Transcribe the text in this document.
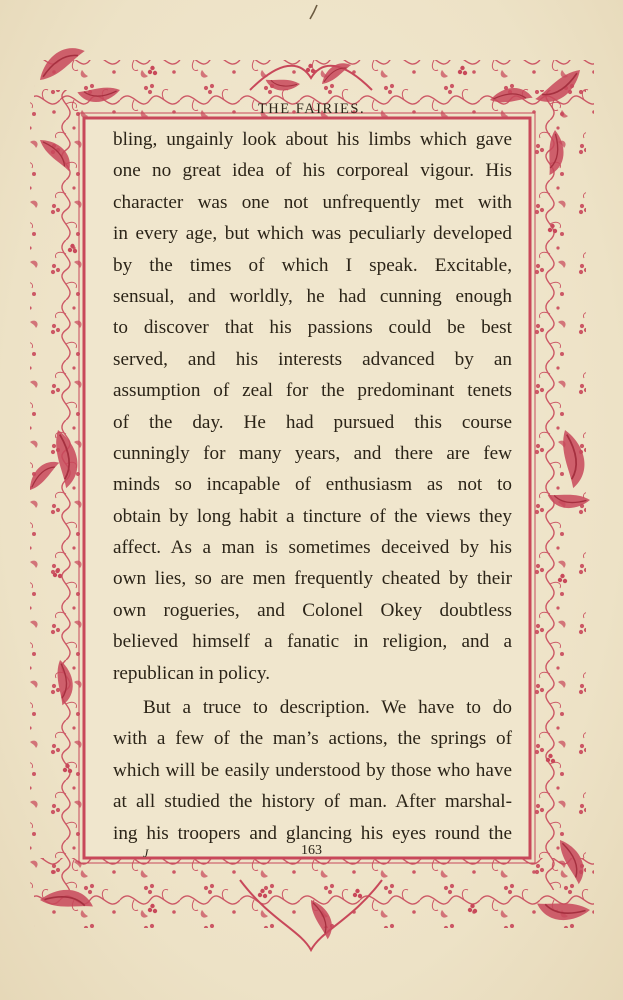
THE FAIRIES.
bling, ungainly look about his limbs which gave
one no great idea of his corporeal vigour. His
character was one not unfrequently met with
in every age, but which was peculiarly developed
by the times of which I speak. Excitable,
sensual, and worldly, he had cunning enough
to discover that his passions could be best
served, and his interests advanced by an
assumption of zeal for the predominant tenets
of the day. He had pursued this course
cunningly for many years, and there are few
minds so incapable of enthusiasm as not to
obtain by long habit a tincture of the views they
affect. As a man is sometimes deceived by his
own lies, so are men frequently cheated by their
own rogueries, and Colonel Okey doubtless
believed himself a fanatic in religion, and a
republican in policy.
But a truce to description. We have to do
with a few of the man’s actions, the springs of
which will be easily understood by those who have
at all studied the history of man. After marshal-
ing his troopers and glancing his eyes round the
J	163
